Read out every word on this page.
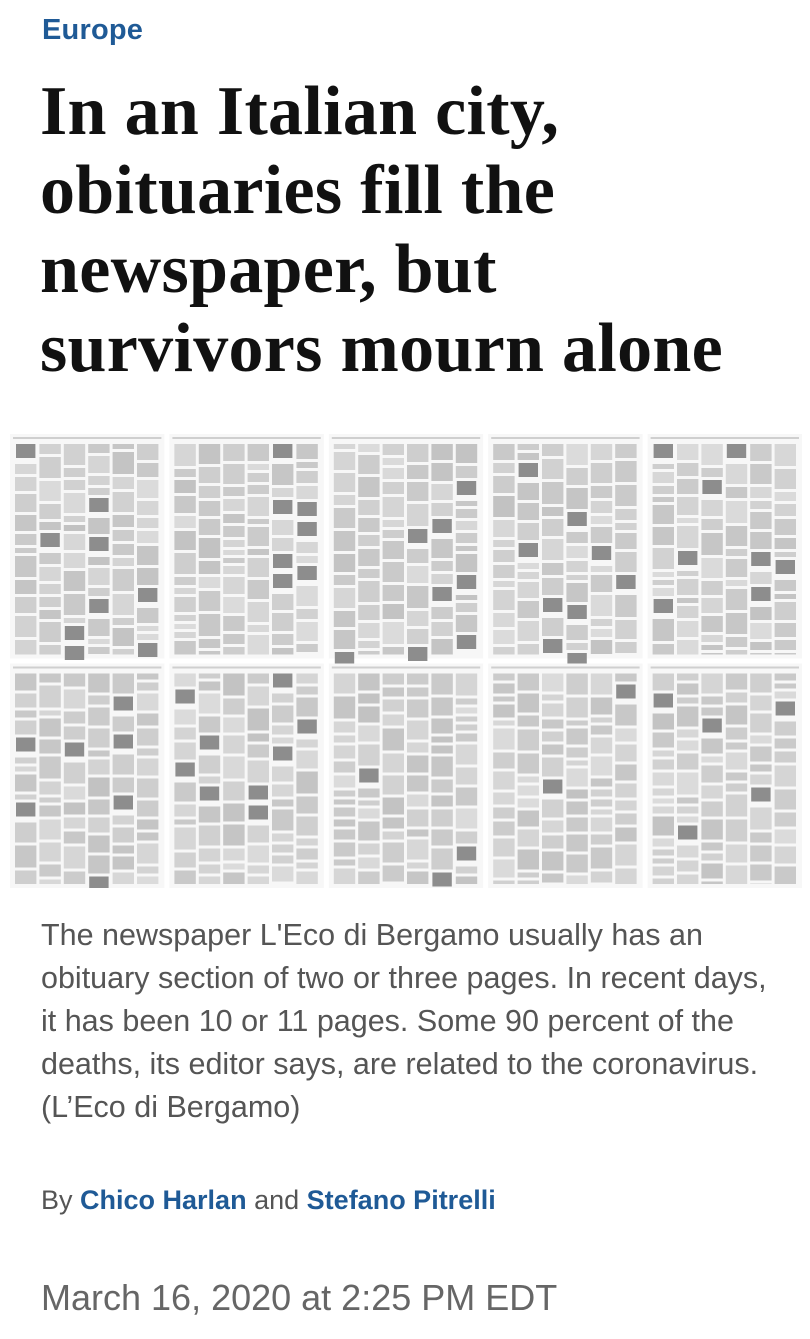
Europe
In an Italian city, obituaries fill the newspaper, but survivors mourn alone

The newspaper L'Eco di Bergamo usually has an obituary section of two or three pages. In recent days, it has been 10 or 11 pages. Some 90 percent of the deaths, its editor says, are related to the coronavirus. (L’Eco di Bergamo)

By Chico Harlan and Stefano Pitrelli
March 16, 2020 at 2:25 PM EDT
